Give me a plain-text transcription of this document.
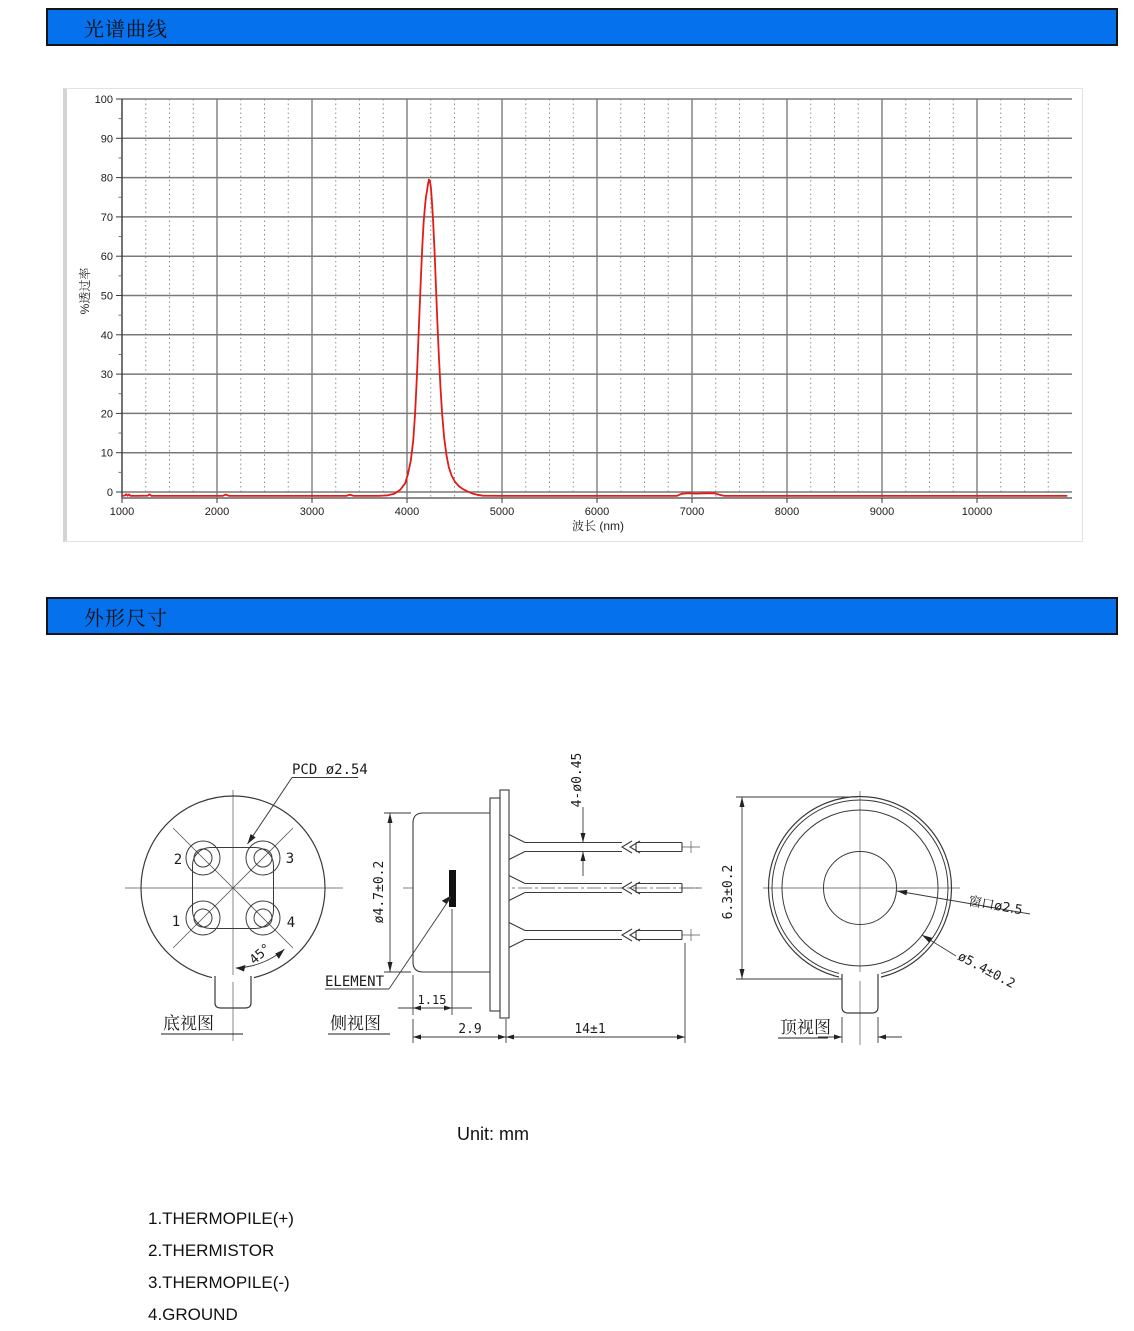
光谱曲线
0
10
20
30
40
50
60
70
80
90
100
1000	2000	3000	4000	5000	6000	7000	8000	9000	10000
%透过率
波长 (nm)
外形尺寸
PCD ø2.54
45°
2	3
1	4
底视图
ø4.7±0.2
4-ø0.45
ELEMENT
1.15
2.9	14±1
侧视图
6.3±0.2	窗口ø2.5
ø5.4±0.2
顶视图
Unit: mm
1.THERMOPILE(+)
2.THERMISTOR
3.THERMOPILE(-)
4.GROUND
